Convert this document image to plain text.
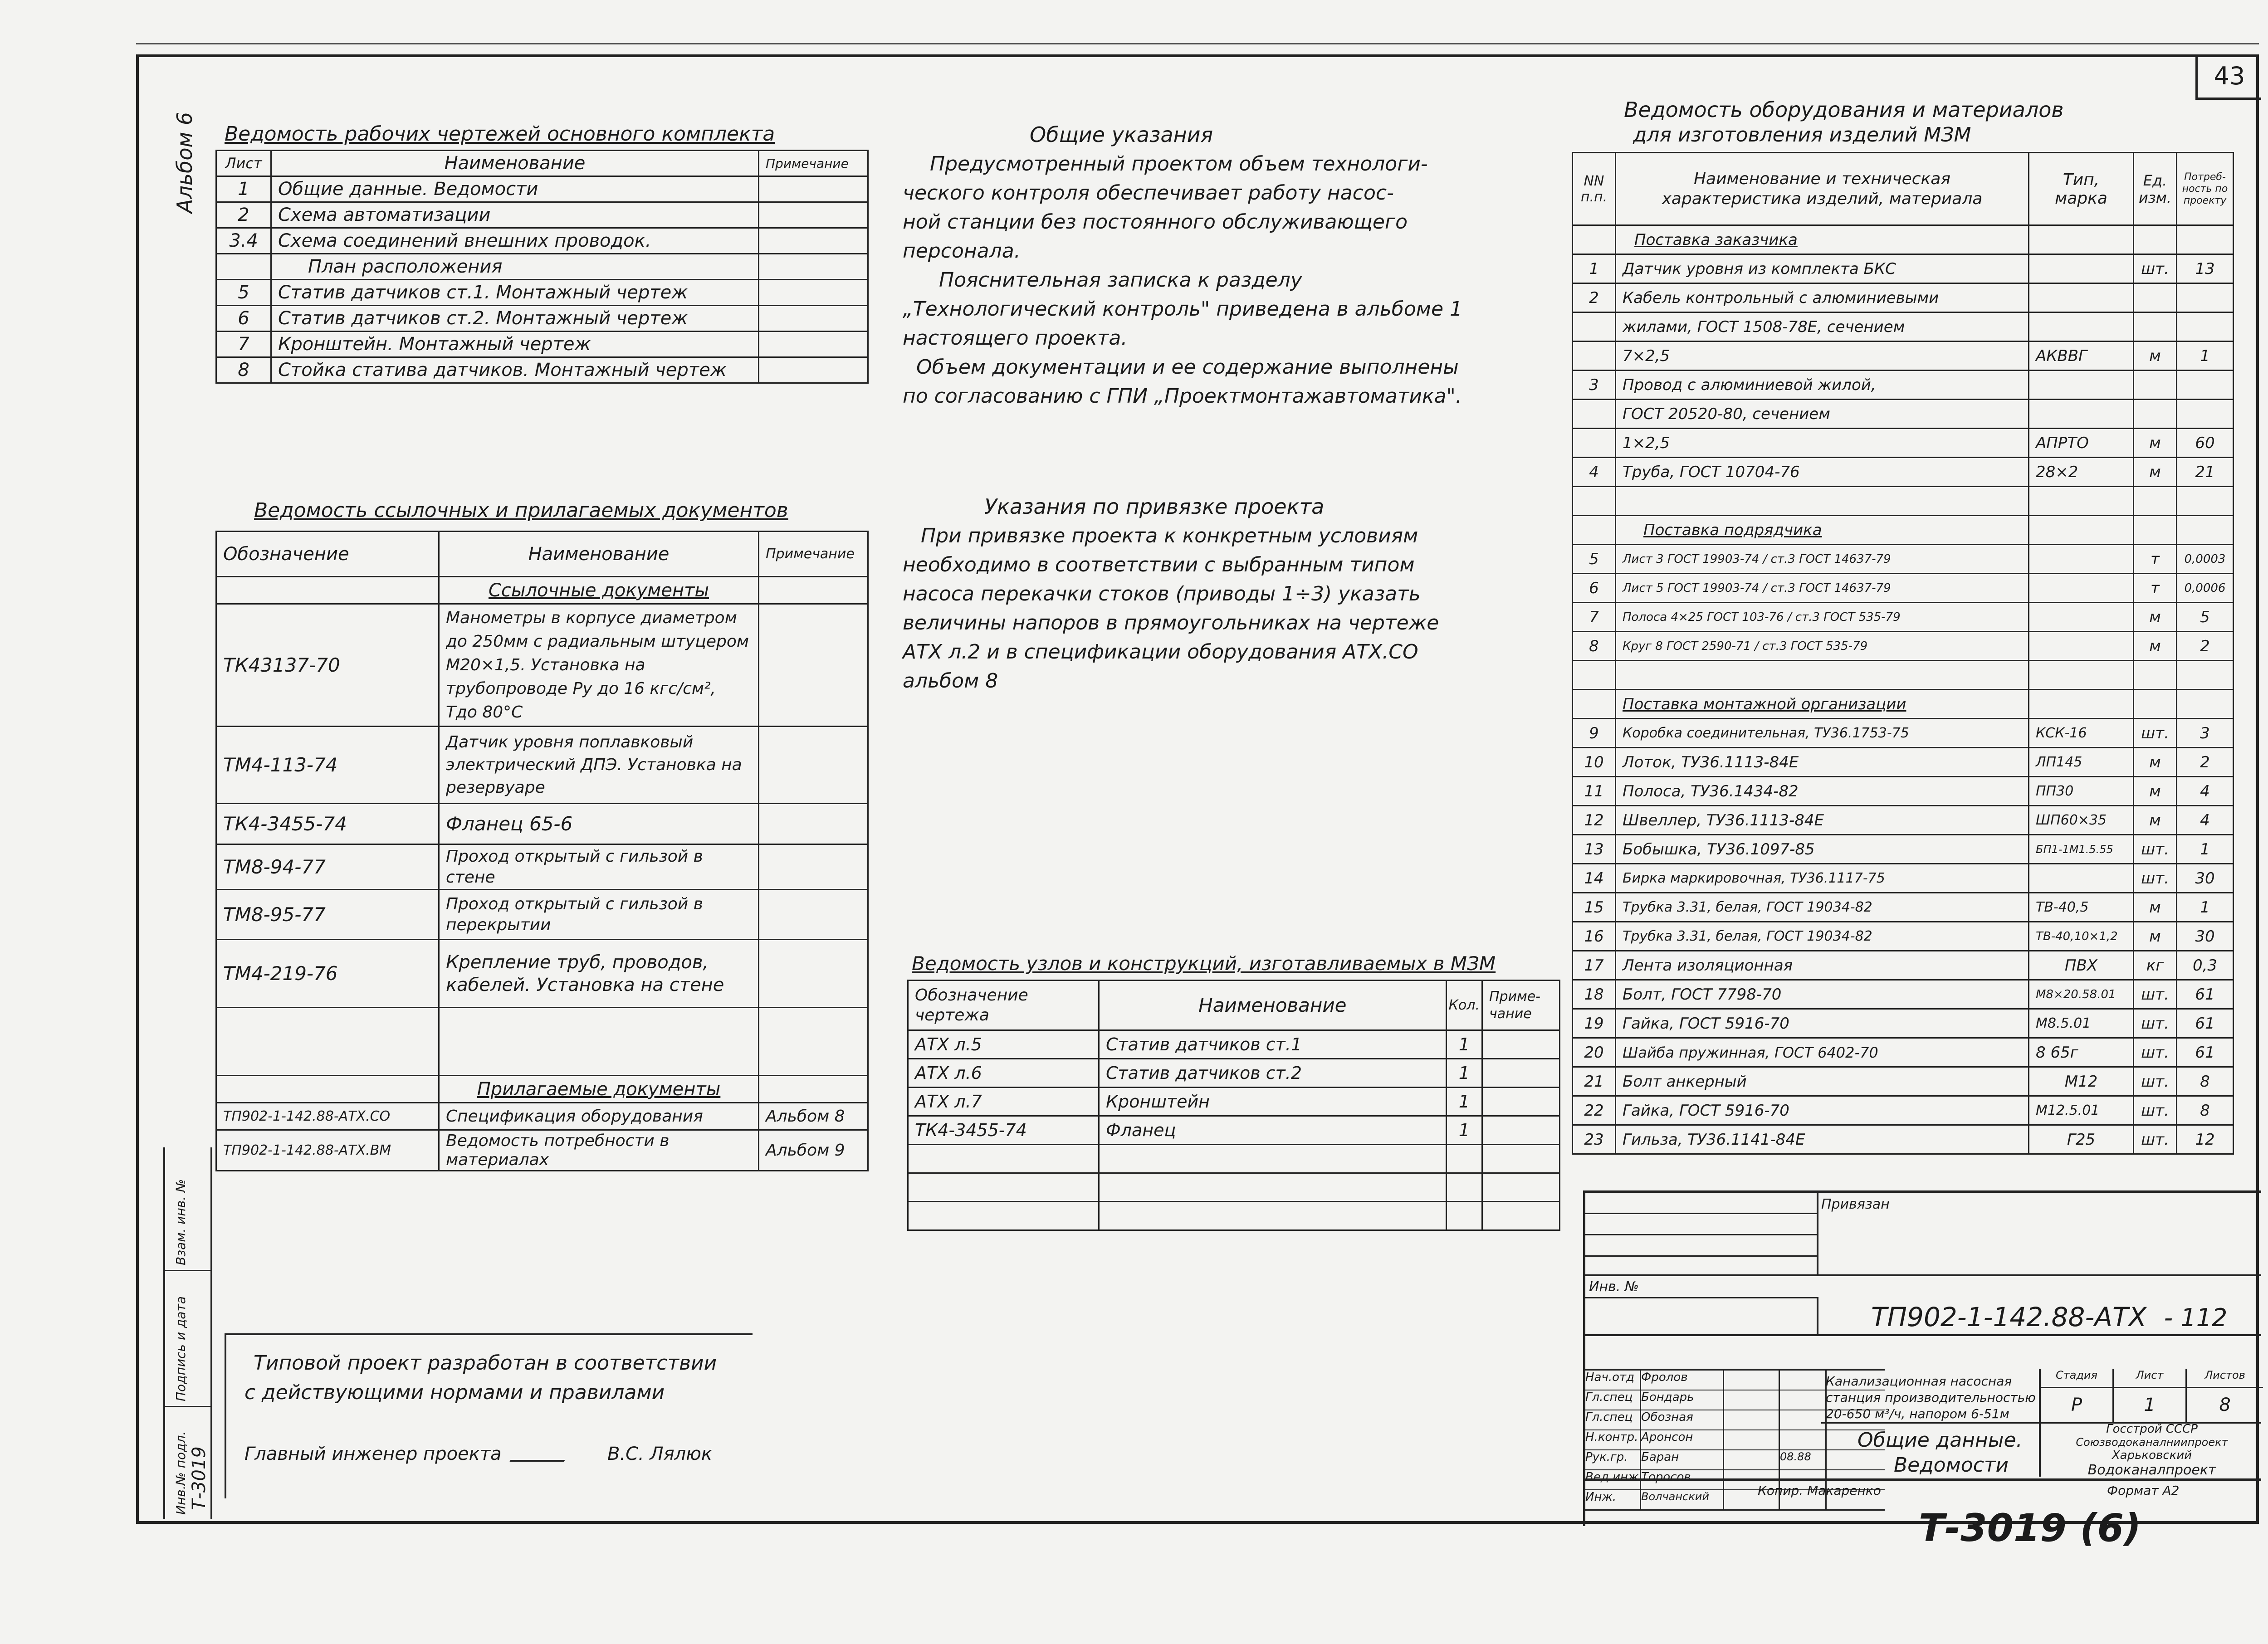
43
Взам. инв. №
Подпись и дата
Инв.№ подл. Т-3019
Альбом 6 Ведомость рабочих чертежей основного комплекта
Лист	Наименование	Примечание
1	Общие данные. Ведомости	
2	Схема автоматизации	
3.4	Схема соединений внешних проводок.	
	План расположения	
5	Статив датчиков ст.1. Монтажный чертеж	
6	Статив датчиков ст.2. Монтажный чертеж	
7	Кронштейн. Монтажный чертеж	
8	Стойка статива датчиков. Монтажный чертеж	
Ведомость ссылочных и прилагаемых документов
Обозначение	Наименование	Примечание
	Ссылочные документы	
ТК43137-70	Манометры в корпусе диаметром до 250мм с радиальным штуцером М20×1,5. Установка на трубопроводе Ру до 16 кгс/см², Тдо 80°С	
ТМ4-113-74	Датчик уровня поплавковый электрический ДПЭ. Установка на резервуаре	
ТК4-3455-74	Фланец 65-6	
ТМ8-94-77	Проход открытый с гильзой в стене	
ТМ8-95-77	Проход открытый с гильзой в перекрытии	
ТМ4-219-76	Крепление труб, проводов, кабелей. Установка на стене	

	Прилагаемые документы	
ТП902-1-142.88-АТХ.СО	Спецификация оборудования	Альбом 8
ТП902-1-142.88-АТХ.ВМ	Ведомость потребности в материалах	Альбом 9
Типовой проект разработан в соответствии
с действующими нормами и правилами
Главный инженер проекта	В.С. Лялюк
Общие указания
Предусмотренный проектом объем технологи-
ческого контроля обеспечивает работу насос-
ной станции без постоянного обслуживающего
персонала.
Пояснительная записка к разделу
„Технологический контроль" приведена в альбоме 1
настоящего проекта.
Объем документации и ее содержание выполнены
по согласованию с ГПИ „Проектмонтажавтоматика".
Указания по привязке проекта
При привязке проекта к конкретным условиям
необходимо в соответствии с выбранным типом
насоса перекачки стоков (приводы 1÷3) указать
величины напоров в прямоугольниках на чертеже
АТХ л.2 и в спецификации оборудования АТХ.СО
альбом 8
Ведомость узлов и конструкций, изготавливаемых в МЗМ
Обозначение чертежа	Наименование	Кол.	Приме-чание
АТХ л.5	Статив датчиков ст.1	1	
АТХ л.6	Статив датчиков ст.2	1	
АТХ л.7	Кронштейн	1	
ТК4-3455-74	Фланец	1	

Ведомость оборудования и материалов
для изготовления изделий МЗМ
NN п.п.	Наименование и техническая характеристика изделий, материала	Тип, марка	Ед. изм.	Потреб-ность по проекту
	Поставка заказчика			
1	Датчик уровня из комплекта БКС		шт.	13
2	Кабель контрольный с алюминиевыми			
	жилами, ГОСТ 1508-78Е, сечением			
	7×2,5	АКВВГ	м	1
3	Провод с алюминиевой жилой,			
	ГОСТ 20520-80, сечением			
	1×2,5	АПРТО	м	60
4	Труба, ГОСТ 10704-76	28×2	м	21

	Поставка подрядчика			
5	Лист 3 ГОСТ 19903-74 / ст.3 ГОСТ 14637-79		т	0,0003
6	Лист 5 ГОСТ 19903-74 / ст.3 ГОСТ 14637-79		т	0,0006
7	Полоса 4×25 ГОСТ 103-76 / ст.3 ГОСТ 535-79		м	5
8	Круг 8 ГОСТ 2590-71 / ст.3 ГОСТ 535-79		м	2

	Поставка монтажной организации			
9	Коробка соединительная, ТУ36.1753-75	КСК-16	шт.	3
10	Лоток, ТУ36.1113-84Е	ЛП145	м	2
11	Полоса, ТУ36.1434-82	ПП30	м	4
12	Швеллер, ТУ36.1113-84Е	ШП60×35	м	4
13	Бобышка, ТУ36.1097-85	БП1-1М1.5.55	шт.	1
14	Бирка маркировочная, ТУ36.1117-75		шт.	30
15	Трубка 3.31, белая, ГОСТ 19034-82	ТВ-40,5	м	1
16	Трубка 3.31, белая, ГОСТ 19034-82	ТВ-40,10×1,2	м	30
17	Лента изоляционная	ПВХ	кг	0,3
18	Болт, ГОСТ 7798-70	М8×20.58.01	шт.	61
19	Гайка, ГОСТ 5916-70	М8.5.01	шт.	61
20	Шайба пружинная, ГОСТ 6402-70	8 65г	шт.	61
21	Болт анкерный	М12	шт.	8
22	Гайка, ГОСТ 5916-70	М12.5.01	шт.	8
23	Гильза, ТУ36.1141-84Е	Г25	шт.	12
Привязан
Инв. №
ТП902-1-142.88-АТХ - 112
Нач.отд Фролов
Гл.спец Бондарь
Гл.спец Обозная
Н.контр. Аронсон
Рук.гр.	Баран	08.88
Вед.инж Торосов
Инж.	Волчанский
Канализационная насосная станция производительностью 20-650 м³/ч, напором 6-51м
Стадия	Лист	Листов
Р	1	8
Общие данные.
Ведомости
Госстрой СССР
Союзводоканалниипроект
Харьковский
Водоканалпроект
Копир. Макаренко	Формат А2
Т-3019 (6)
